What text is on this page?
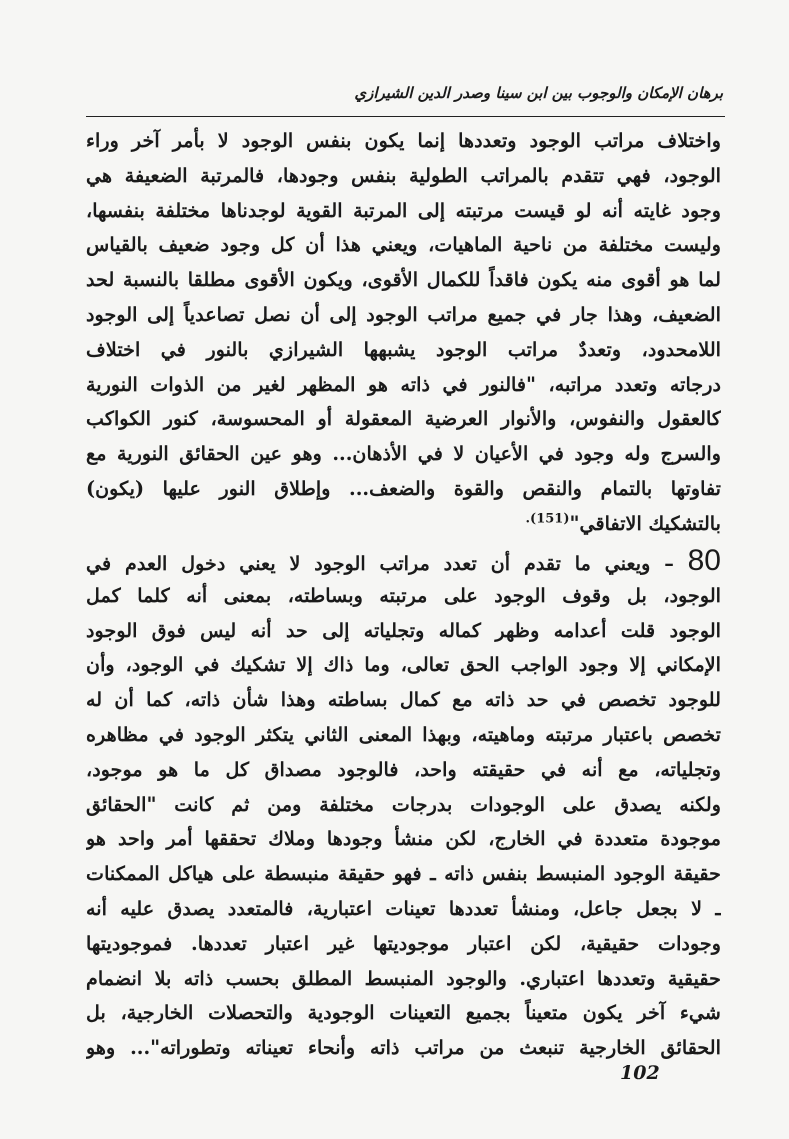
برهان الإمكان والوجوب بين ابن سينا وصدر الدين الشيرازي
واختلاف مراتب الوجود وتعددها إنما يكون بنفس الوجود لا بأمر آخر وراء
الوجود، فهي تتقدم بالمراتب الطولية بنفس وجودها، فالمرتبة الضعيفة هي
وجود غايته أنه لو قيست مرتبته إلى المرتبة القوية لوجدناها مختلفة بنفسها،
وليست مختلفة من ناحية الماهيات، ويعني هذا أن كل وجود ضعيف بالقياس
لما هو أقوى منه يكون فاقداً للكمال الأقوى، ويكون الأقوى مطلقا بالنسبة لحد
الضعيف، وهذا جار في جميع مراتب الوجود إلى أن نصل تصاعدياً إلى الوجود
اللامحدود، وتعددٌ مراتب الوجود يشبهها الشيرازي بالنور في اختلاف
درجاته وتعدد مراتبه، "فالنور في ذاته هو المظهر لغير من الذوات النورية
كالعقول والنفوس، والأنوار العرضية المعقولة أو المحسوسة، كنور الكواكب
والسرج وله وجود في الأعيان لا في الأذهان... وهو عين الحقائق النورية مع
تفاوتها بالتمام والنقص والقوة والضعف... وإطلاق النور عليها (يكون)
بالتشكيك الاتفاقي"$^{(151).}$
80 – ويعني ما تقدم أن تعدد مراتب الوجود لا يعني دخول العدم في
الوجود، بل وقوف الوجود على مرتبته وبساطته، بمعنى أنه كلما كمل
الوجود قلت أعدامه وظهر كماله وتجلياته إلى حد أنه ليس فوق الوجود
الإمكاني إلا وجود الواجب الحق تعالى، وما ذاك إلا تشكيك في الوجود، وأن
للوجود تخصص في حد ذاته مع كمال بساطته وهذا شأن ذاته، كما أن له
تخصص باعتبار مرتبته وماهيته، وبهذا المعنى الثاني يتكثر الوجود في مظاهره
وتجلياته، مع أنه في حقيقته واحد، فالوجود مصداق كل ما هو موجود،
ولكنه يصدق على الوجودات بدرجات مختلفة ومن ثم كانت "الحقائق
موجودة متعددة في الخارج، لكن منشأ وجودها وملاك تحققها أمر واحد هو
حقيقة الوجود المنبسط بنفس ذاته ـ فهو حقيقة منبسطة على هياكل الممكنات
ـ لا بجعل جاعل، ومنشأ تعددها تعينات اعتبارية، فالمتعدد يصدق عليه أنه
وجودات حقيقية، لكن اعتبار موجوديتها غير اعتبار تعددها. فموجوديتها
حقيقية وتعددها اعتباري. والوجود المنبسط المطلق بحسب ذاته بلا انضمام
شيء آخر يكون متعيناً بجميع التعينات الوجودية والتحصلات الخارجية، بل
الحقائق الخارجية تنبعث من مراتب ذاته وأنحاء تعيناته وتطوراته"... وهو
102
